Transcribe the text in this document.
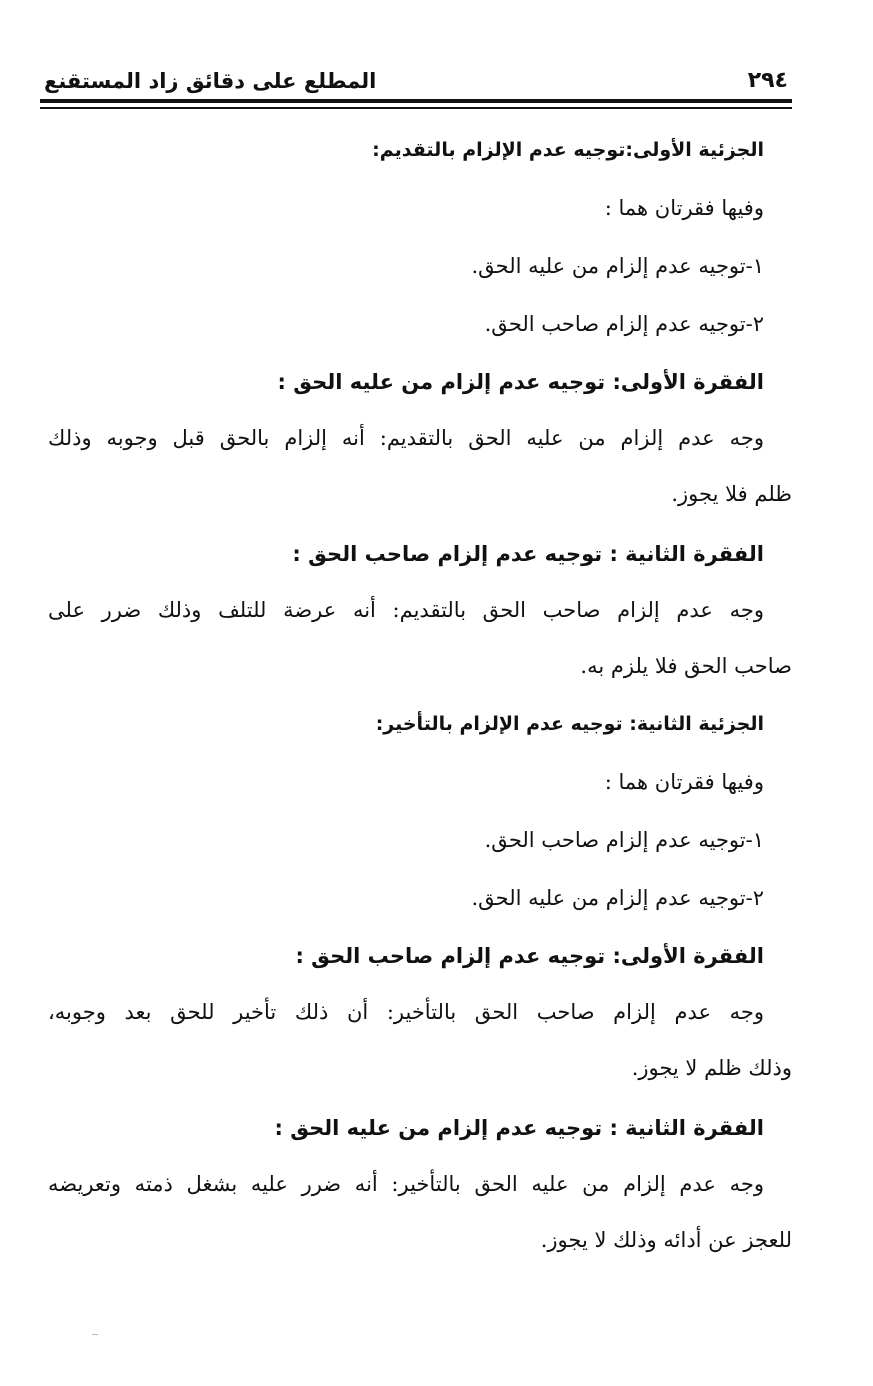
٢٩٤
المطلع على دقائق زاد المستقنع

الجزئية الأولى:توجيه عدم الإلزام بالتقديم:

وفيها فقرتان هما :

١-توجيه عدم إلزام من عليه الحق.

٢-توجيه عدم إلزام صاحب الحق.

الفقرة الأولى: توجيه عدم إلزام من عليه الحق :

وجه عدم إلزام من عليه الحق بالتقديم: أنه إلزام بالحق قبل وجوبه وذلك

ظلم فلا يجوز.

الفقرة الثانية : توجيه عدم إلزام صاحب الحق :

وجه عدم إلزام صاحب الحق بالتقديم: أنه عرضة للتلف وذلك ضرر على

صاحب الحق فلا يلزم به.

الجزئية الثانية: توجيه عدم الإلزام بالتأخير:

وفيها فقرتان هما :

١-توجيه عدم إلزام صاحب الحق.

٢-توجيه عدم إلزام من عليه الحق.

الفقرة الأولى: توجيه عدم إلزام صاحب الحق :

وجه عدم إلزام صاحب الحق بالتأخير: أن ذلك تأخير للحق بعد وجوبه،

وذلك ظلم لا يجوز.

الفقرة الثانية : توجيه عدم إلزام من عليه الحق :

وجه عدم إلزام من عليه الحق بالتأخير: أنه ضرر عليه بشغل ذمته وتعريضه

للعجز عن أدائه وذلك لا يجوز.
